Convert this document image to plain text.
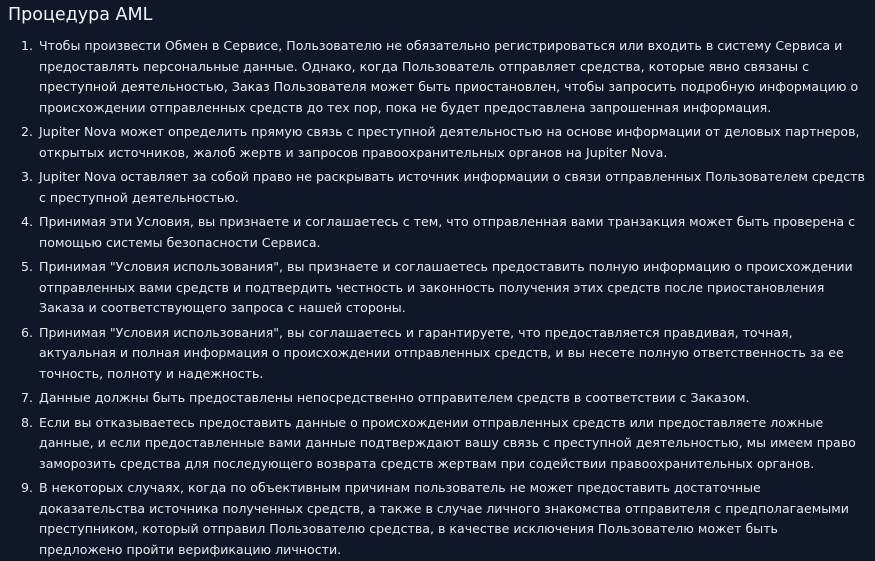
Процедура AML
1. Чтобы произвести Обмен в Сервисе, Пользователю не обязательно регистрироваться или входить в систему Сервиса и предоставлять персональные данные. Однако, когда Пользователь отправляет средства, которые явно связаны с преступной деятельностью, Заказ Пользователя может быть приостановлен, чтобы запросить подробную информацию о происхождении отправленных средств до тех пор, пока не будет предоставлена запрошенная информация.
2. Jupiter Nova может определить прямую связь с преступной деятельностью на основе информации от деловых партнеров, открытых источников, жалоб жертв и запросов правоохранительных органов на Jupiter Nova.
3. Jupiter Nova оставляет за собой право не раскрывать источник информации о связи отправленных Пользователем средств с преступной деятельностью.
4. Принимая эти Условия, вы признаете и соглашаетесь с тем, что отправленная вами транзакция может быть проверена с помощью системы безопасности Сервиса.
5. Принимая "Условия использования", вы признаете и соглашаетесь предоставить полную информацию о происхождении отправленных вами средств и подтвердить честность и законность получения этих средств после приостановления Заказа и соответствующего запроса с нашей стороны.
6. Принимая "Условия использования", вы соглашаетесь и гарантируете, что предоставляется правдивая, точная, актуальная и полная информация о происхождении отправленных средств, и вы несете полную ответственность за ее точность, полноту и надежность.
7. Данные должны быть предоставлены непосредственно отправителем средств в соответствии с Заказом.
8. Если вы отказываетесь предоставить данные о происхождении отправленных средств или предоставляете ложные данные, и если предоставленные вами данные подтверждают вашу связь с преступной деятельностью, мы имеем право заморозить средства для последующего возврата средств жертвам при содействии правоохранительных органов.
9. В некоторых случаях, когда по объективным причинам пользователь не может предоставить достаточные доказательства источника полученных средств, а также в случае личного знакомства отправителя с предполагаемыми преступником, который отправил Пользователю средства, в качестве исключения Пользователю может быть предложено пройти верификацию личности.
